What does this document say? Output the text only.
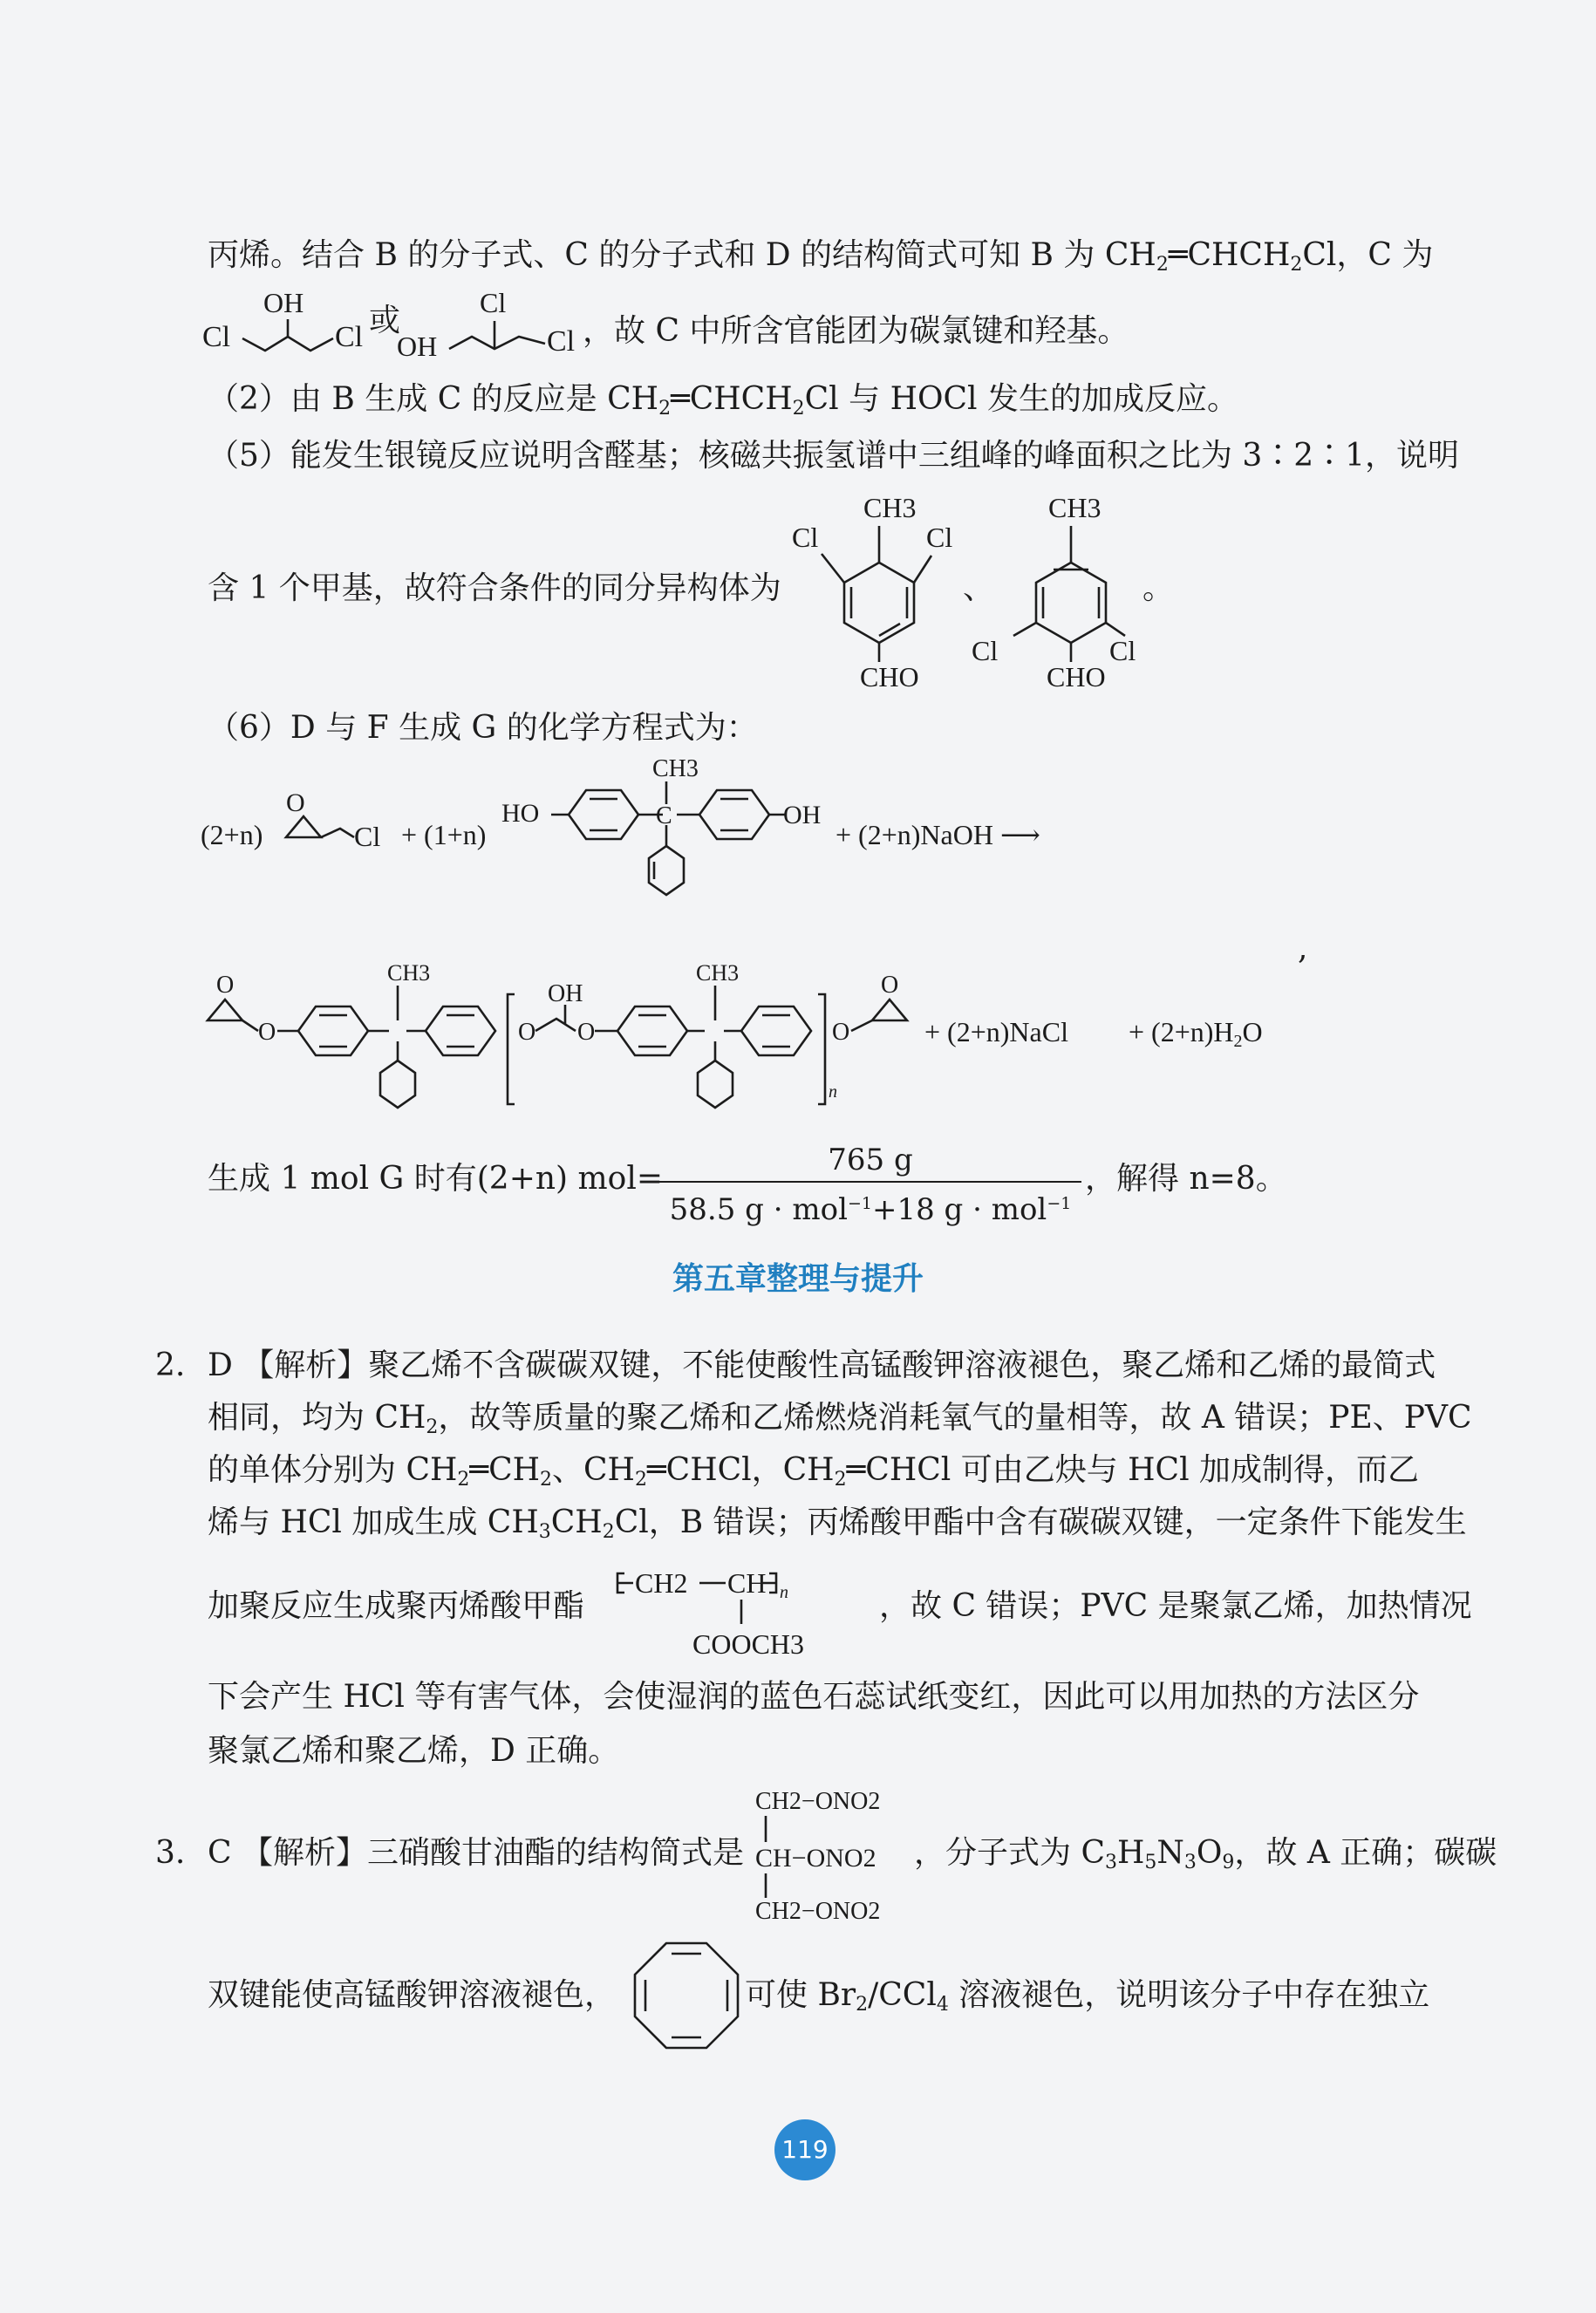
丙烯。结合 B 的分子式、C 的分子式和 D 的结构简式可知 B 为 $CH_2═CHCH_2Cl$，C 为
Cl
OH
Cl 或
OH
Cl
Cl ，故 C 中所含官能团为碳氯键和羟基。
（2）由 B 生成 C 的反应是 $CH_2═CHCH_2Cl$ 与 HOCl 发生的加成反应。
（5）能发生银镜反应说明含醛基；核磁共振氢谱中三组峰的峰面积之比为 3∶2∶1，说明
含 1 个甲基，故符合条件的同分异构体为
CH3
Cl	Cl
CHO
、
CH3
Cl	Cl
CHO
。
（6）D 与 F 生成 G 的化学方程式为：
(2+n)
O
Cl + (1+n)
HO	C
CH3
OH
+ (2+n)NaOH ⟶
,
O
O
CH3
O
OH
O
CH3
n
O
O
+ (2+n)NaCl + (2+n)H2O
生成 1 mol G 时有(2+n) mol=
765 g
58.5 g · mol$^{-1}$+18 g · mol$^{-1}$
，解得 n=8。
第五章整理与提升
2. D 【解析】聚乙烯不含碳碳双键，不能使酸性高锰酸钾溶液褪色，聚乙烯和乙烯的最简式
相同，均为 $CH_2$，故等质量的聚乙烯和乙烯燃烧消耗氧气的量相等，故 A 错误；PE、PVC
的单体分别为 $CH_2═CH_2$、$CH_2═CHCl$，$CH_2═CHCl$ 可由乙炔与 HCl 加成制得，而乙
烯与 HCl 加成生成 $CH_3CH_2Cl$，B 错误；丙烯酸甲酯中含有碳碳双键，一定条件下能发生
加聚反应生成聚丙烯酸甲酯
CH2 CH n
COOCH3
，故 C 错误；PVC 是聚氯乙烯，加热情况
下会产生 HCl 等有害气体，会使湿润的蓝色石蕊试纸变红，因此可以用加热的方法区分
聚氯乙烯和聚乙烯，D 正确。
3. C 【解析】三硝酸甘油酯的结构简式是
CH2−ONO2
CH−ONO2
CH2−ONO2
，分子式为 $C_3H_5N_3O_9$，故 A 正确；碳碳
双键能使高锰酸钾溶液褪色，	可使 $Br_2/CCl_4$ 溶液褪色，说明该分子中存在独立
119
